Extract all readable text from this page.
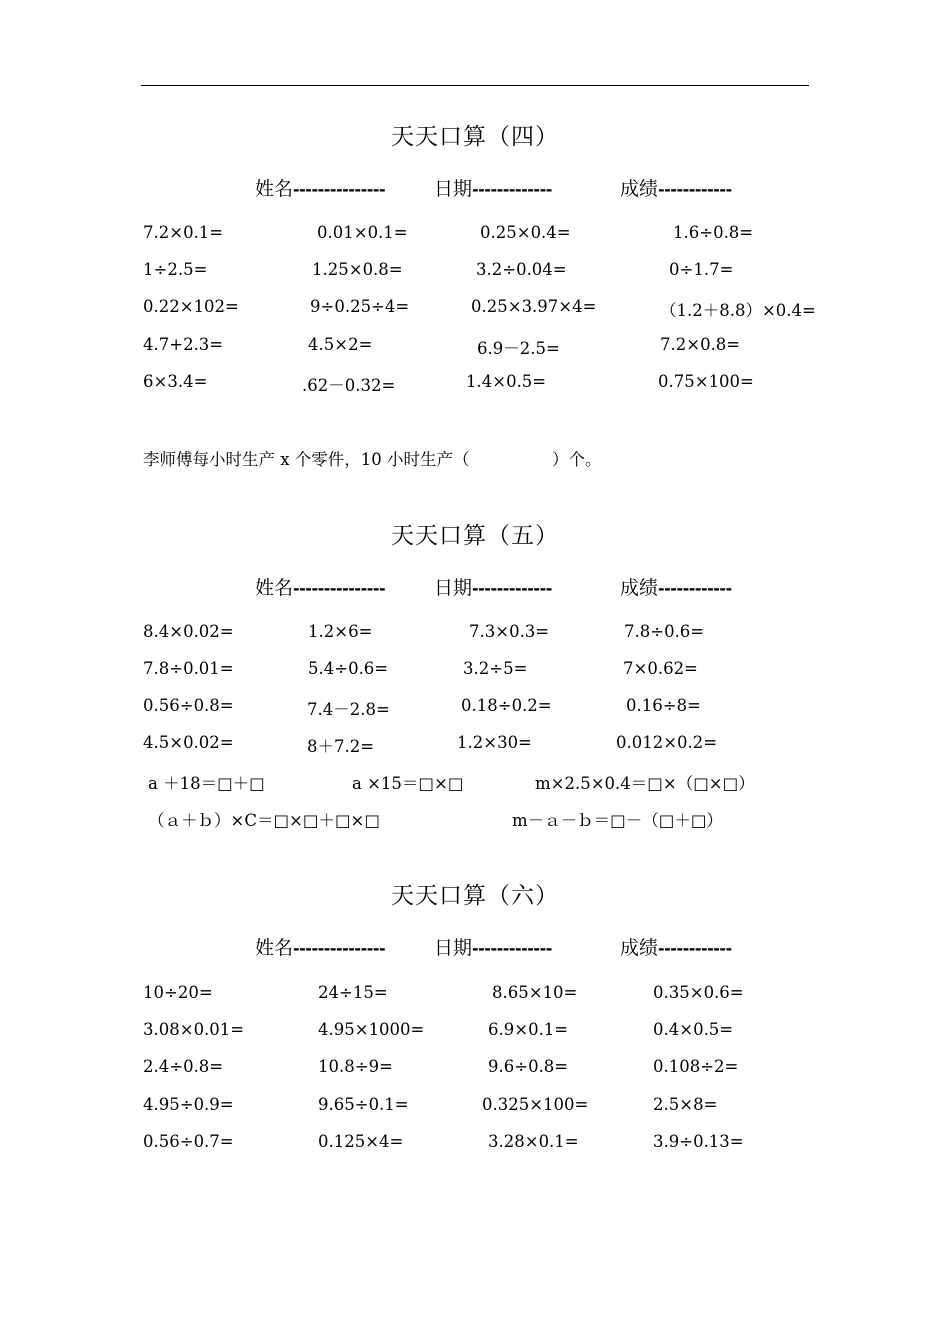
天天口算（四）
姓名---------------	日期-------------	成绩------------
7.2×0.1=	0.01×0.1=	0.25×0.4=	1.6÷0.8=
1÷2.5=	1.25×0.8=	3.2÷0.04=	0÷1.7=
0.22×102=	9÷0.25÷4=	0.25×3.97×4=	（1.2＋8.8）×0.4=
4.7+2.3=	4.5×2=	6.9－2.5=	7.2×0.8=
6×3.4=	.62－0.32=	1.4×0.5=	0.75×100=
李师傅每小时生产 x 个零件，10 小时生产（　　　　　）个。
天天口算（五）
姓名---------------	日期-------------	成绩------------
8.4×0.02=	1.2×6=	7.3×0.3=	7.8÷0.6=
7.8÷0.01=	5.4÷0.6=	3.2÷5=	7×0.62=
0.56÷0.8=	7.4－2.8=	0.18÷0.2=	0.16÷8=
4.5×0.02=	8＋7.2=	1.2×30=	0.012×0.2=
a ＋18＝□＋□	a ×15＝□×□	m×2.5×0.4＝□×（□×□）
（ａ＋ｂ）×C＝□×□＋□×□	m－ａ－ｂ＝□－（□＋□）
天天口算（六）
姓名---------------	日期-------------	成绩------------
10÷20=	24÷15=	8.65×10=	0.35×0.6=
3.08×0.01=	4.95×1000=	6.9×0.1=	0.4×0.5=
2.4÷0.8=	10.8÷9=	9.6÷0.8=	0.108÷2=
4.95÷0.9=	9.65÷0.1=	0.325×100=	2.5×8=
0.56÷0.7=	0.125×4=	3.28×0.1=	3.9÷0.13=
